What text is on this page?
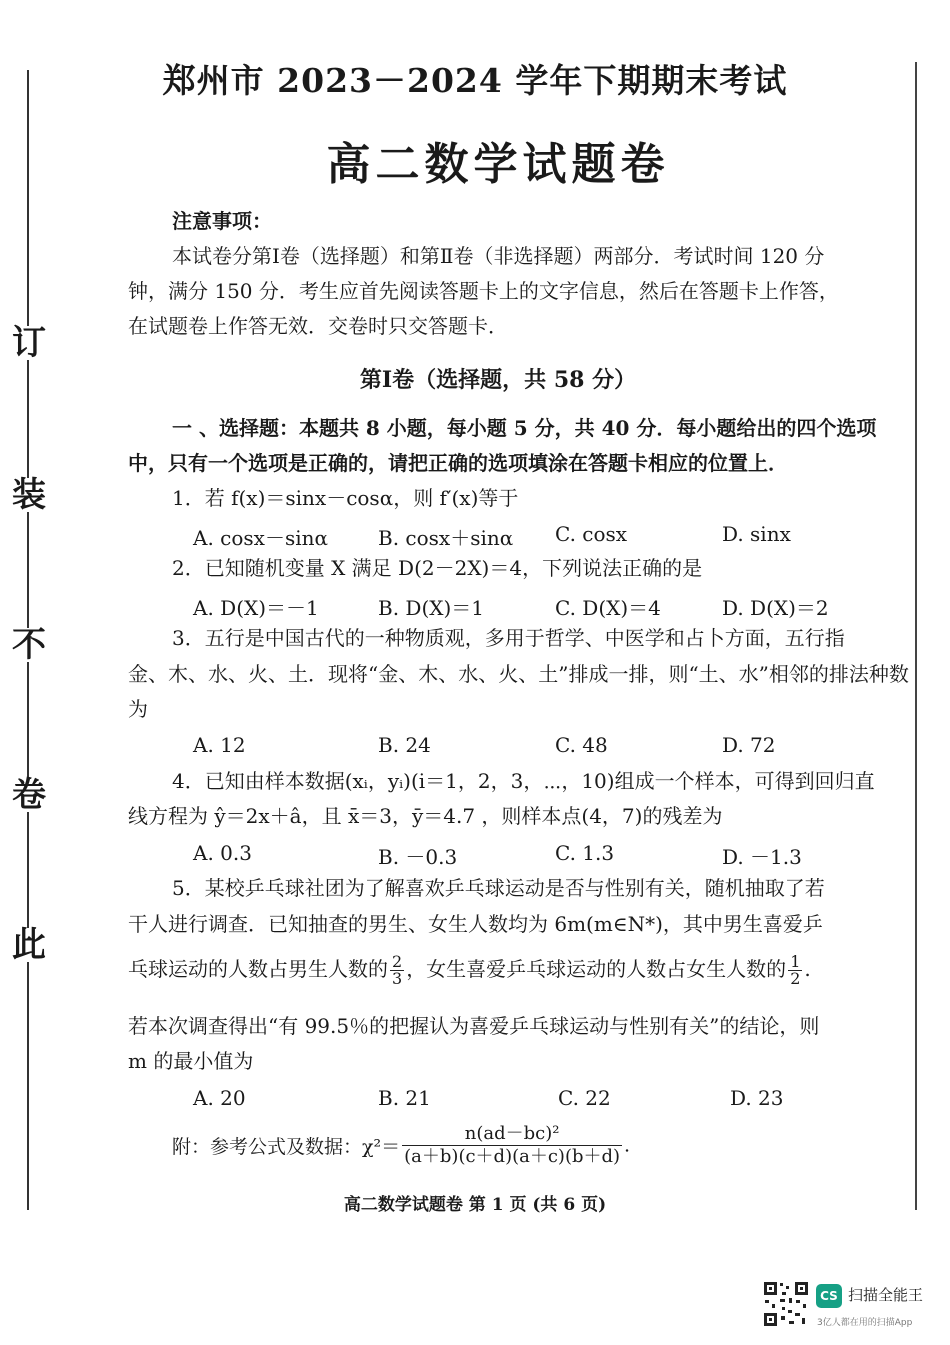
此
卷
不
装
订
郑州市 2023－2024 学年下期期末考试
高二数学试题卷
注意事项：
本试卷分第Ⅰ卷（选择题）和第Ⅱ卷（非选择题）两部分．考试时间 120 分
钟，满分 150 分．考生应首先阅读答题卡上的文字信息，然后在答题卡上作答，
在试题卷上作答无效．交卷时只交答题卡．
第Ⅰ卷（选择题，共 58 分）
一 、选择题：本题共 8 小题，每小题 5 分，共 40 分．每小题给出的四个选项
中，只有一个选项是正确的，请把正确的选项填涂在答题卡相应的位置上．
1．若 f(x)＝sinx－cosα，则 f′(x)等于
A. cosx－sinα	B. cosx＋sinα C. cosx	D. sinx
2．已知随机变量 X 满足 D(2－2X)＝4，下列说法正确的是
A. D(X)＝－1	B. D(X)＝1	C. D(X)＝4	D. D(X)＝2
3．五行是中国古代的一种物质观，多用于哲学、中医学和占卜方面，五行指
金、木、水、火、土．现将“金、木、水、火、土”排成一排，则“土、水”相邻的排法种数
为
A. 12	B. 24	C. 48	D. 72
4．已知由样本数据(xᵢ，yᵢ)(i＝1，2，3，⋯，10)组成一个样本，可得到回归直
线方程为 ŷ＝2x＋â，且 x̄＝3，ȳ＝4.7 ，则样本点(4，7)的残差为
A. 0.3	B. －0.3	C. 1.3	D. －1.3
5．某校乒乓球社团为了解喜欢乒乓球运动是否与性别有关，随机抽取了若
干人进行调查．已知抽查的男生、女生人数均为 6m(m∈N*)，其中男生喜爱乒
乓球运动的人数占男生人数的 $\frac{2}{3}$ ，女生喜爱乒乓球运动的人数占女生人数的 $\frac{1}{2}$ .
若本次调查得出“有 99.5％的把握认为喜爱乒乓球运动与性别有关”的结论，则
m 的最小值为
A. 20	B. 21	C. 22	D. 23
附：参考公式及数据：$\chi^2= \frac{\text{n(ad－bc)²}}{(a+b)(c+d)(a+c)(b+d)}$ .
高二数学试题卷 第 1 页 (共 6 页)
CS 扫描全能王
3亿人都在用的扫描App
